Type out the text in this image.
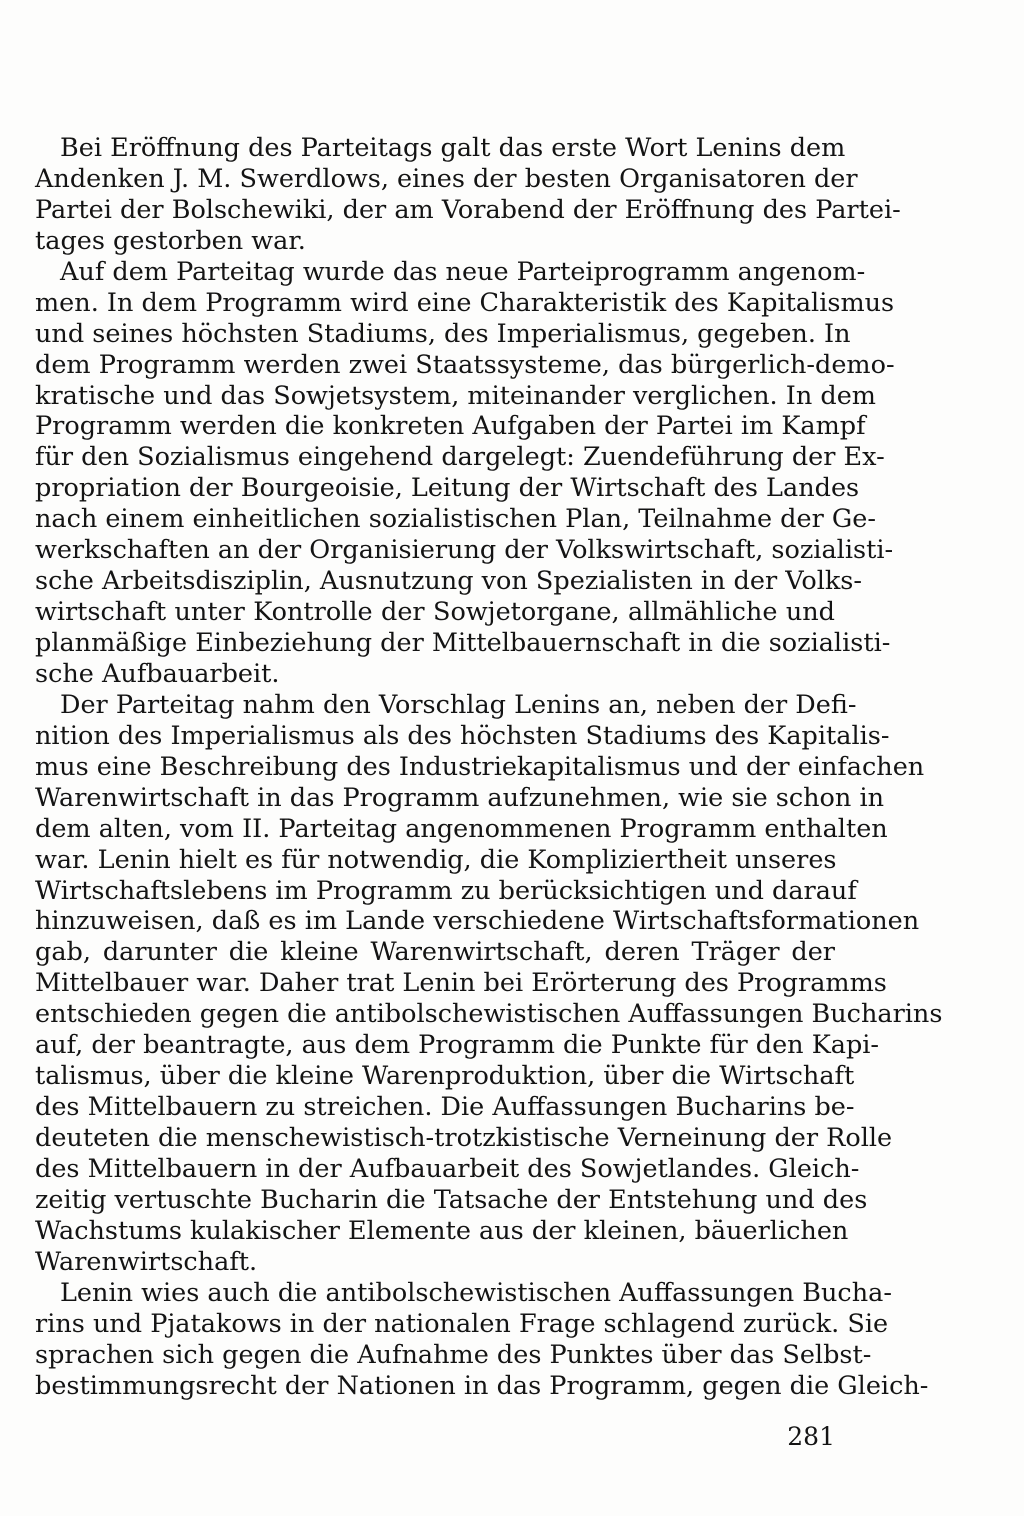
Bei Eröffnung des Parteitags galt das erste Wort Lenins dem
Andenken J. M. Swerdlows, eines der besten Organisatoren der
Partei der Bolschewiki, der am Vorabend der Eröffnung des Partei-
tages gestorben war.
Auf dem Parteitag wurde das neue Parteiprogramm angenom-
men. In dem Programm wird eine Charakteristik des Kapitalismus
und seines höchsten Stadiums, des Imperialismus, gegeben. In
dem Programm werden zwei Staatssysteme, das bürgerlich-demo-
kratische und das Sowjetsystem, miteinander verglichen. In dem
Programm werden die konkreten Aufgaben der Partei im Kampf
für den Sozialismus eingehend dargelegt: Zuendeführung der Ex-
propriation der Bourgeoisie, Leitung der Wirtschaft des Landes
nach einem einheitlichen sozialistischen Plan, Teilnahme der Ge-
werkschaften an der Organisierung der Volkswirtschaft, sozialisti-
sche Arbeitsdisziplin, Ausnutzung von Spezialisten in der Volks-
wirtschaft unter Kontrolle der Sowjetorgane, allmähliche und
planmäßige Einbeziehung der Mittelbauernschaft in die sozialisti-
sche Aufbauarbeit.
Der Parteitag nahm den Vorschlag Lenins an, neben der Defi-
nition des Imperialismus als des höchsten Stadiums des Kapitalis-
mus eine Beschreibung des Industriekapitalismus und der einfachen
Warenwirtschaft in das Programm aufzunehmen, wie sie schon in
dem alten, vom II. Parteitag angenommenen Programm enthalten
war. Lenin hielt es für notwendig, die Kompliziertheit unseres
Wirtschaftslebens im Programm zu berücksichtigen und darauf
hinzuweisen, daß es im Lande verschiedene Wirtschaftsformationen
gab, darunter die kleine Warenwirtschaft, deren Träger der
Mittelbauer war. Daher trat Lenin bei Erörterung des Programms
entschieden gegen die antibolschewistischen Auffassungen Bucharins
auf, der beantragte, aus dem Programm die Punkte für den Kapi-
talismus, über die kleine Warenproduktion, über die Wirtschaft
des Mittelbauern zu streichen. Die Auffassungen Bucharins be-
deuteten die menschewistisch-trotzkistische Verneinung der Rolle
des Mittelbauern in der Aufbauarbeit des Sowjetlandes. Gleich-
zeitig vertuschte Bucharin die Tatsache der Entstehung und des
Wachstums kulakischer Elemente aus der kleinen, bäuerlichen
Warenwirtschaft.
Lenin wies auch die antibolschewistischen Auffassungen Bucha-
rins und Pjatakows in der nationalen Frage schlagend zurück. Sie
sprachen sich gegen die Aufnahme des Punktes über das Selbst-
bestimmungsrecht der Nationen in das Programm, gegen die Gleich-
281
